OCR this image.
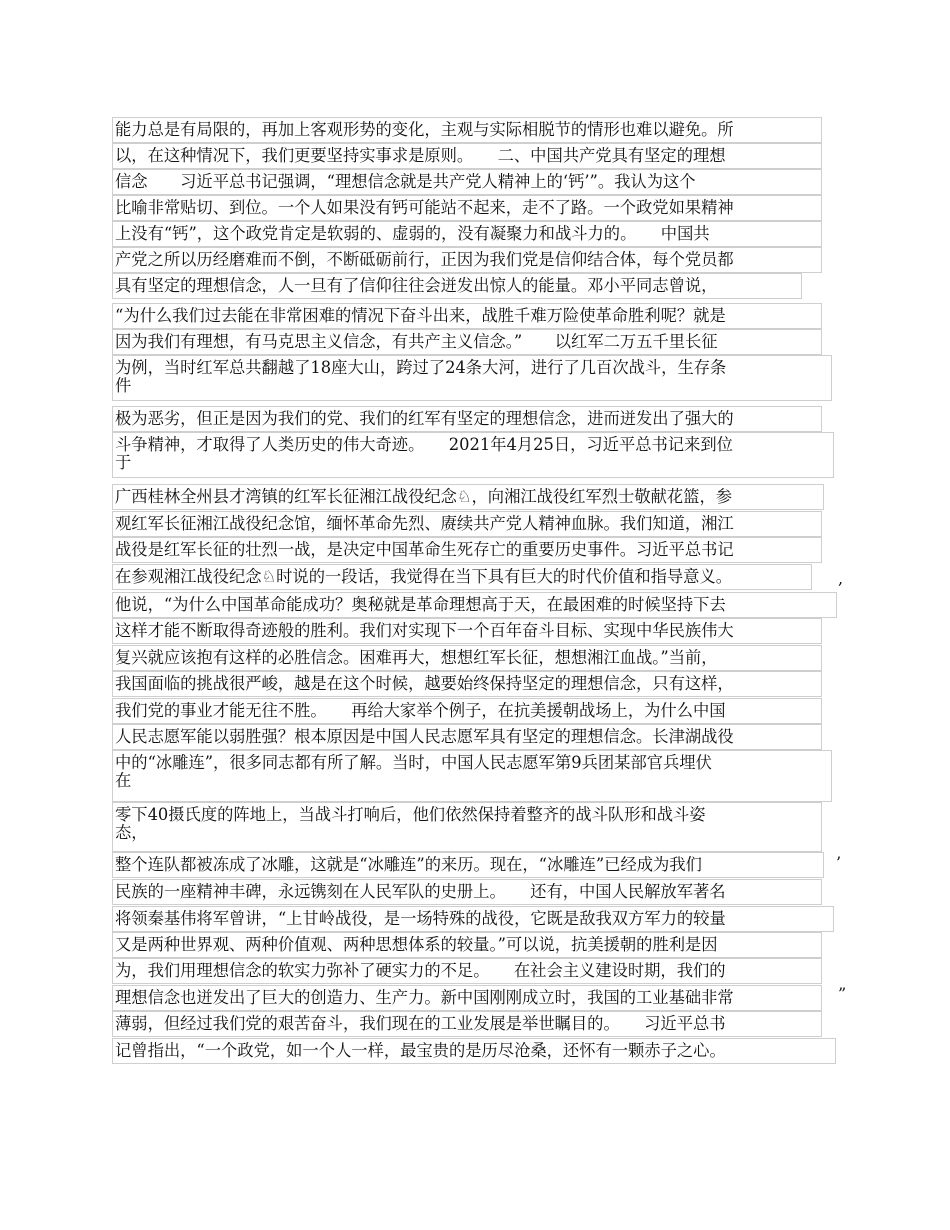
能力总是有局限的，再加上客观形势的变化，主观与实际相脱节的情形也难以避免。所
以，在这种情况下，我们更要坚持实事求是原则。　　二、中国共产党具有坚定的理想
信念　　习近平总书记强调，“理想信念就是共产党人精神上的‘钙’”。我认为这个
比喻非常贴切、到位。一个人如果没有钙可能站不起来，走不了路。一个政党如果精神
上没有“钙”，这个政党肯定是软弱的、虚弱的，没有凝聚力和战斗力的。　　中国共
产党之所以历经磨难而不倒，不断砥砺前行，正因为我们党是信仰结合体，每个党员都
具有坚定的理想信念，人一旦有了信仰往往会迸发出惊人的能量。邓小平同志曾说，
“为什么我们过去能在非常困难的情况下奋斗出来，战胜千难万险使革命胜利呢？就是
因为我们有理想，有马克思主义信念，有共产主义信念。”　　以红军二万五千里长征
为例，当时红军总共翻越了18座大山，跨过了24条大河，进行了几百次战斗，生存条
件
极为恶劣，但正是因为我们的党、我们的红军有坚定的理想信念，进而迸发出了强大的
斗争精神，才取得了人类历史的伟大奇迹。　　2021年4月25日，习近平总书记来到位
于
广西桂林全州县才湾镇的红军长征湘江战役纪念♘，向湘江战役红军烈士敬献花篮，参
观红军长征湘江战役纪念馆，缅怀革命先烈、赓续共产党人精神血脉。我们知道，湘江
战役是红军长征的壮烈一战，是决定中国革命生死存亡的重要历史事件。习近平总书记
在参观湘江战役纪念♘时说的一段话，我觉得在当下具有巨大的时代价值和指导意义。
他说，“为什么中国革命能成功？奥秘就是革命理想高于天，在最困难的时候坚持下去
这样才能不断取得奇迹般的胜利。我们对实现下一个百年奋斗目标、实现中华民族伟大
复兴就应该抱有这样的必胜信念。困难再大，想想红军长征，想想湘江血战。”当前，
我国面临的挑战很严峻，越是在这个时候，越要始终保持坚定的理想信念，只有这样，
我们党的事业才能无往不胜。　　再给大家举个例子，在抗美援朝战场上，为什么中国
人民志愿军能以弱胜强？根本原因是中国人民志愿军具有坚定的理想信念。长津湖战役
中的“冰雕连”，很多同志都有所了解。当时，中国人民志愿军第9兵团某部官兵埋伏
在
零下40摄氏度的阵地上，当战斗打响后，他们依然保持着整齐的战斗队形和战斗姿
态，
整个连队都被冻成了冰雕，这就是“冰雕连”的来历。现在，“冰雕连”已经成为我们
民族的一座精神丰碑，永远镌刻在人民军队的史册上。　　还有，中国人民解放军著名
将领秦基伟将军曾讲，“上甘岭战役，是一场特殊的战役，它既是敌我双方军力的较量
又是两种世界观、两种价值观、两种思想体系的较量。”可以说，抗美援朝的胜利是因
为，我们用理想信念的软实力弥补了硬实力的不足。　　在社会主义建设时期，我们的
理想信念也迸发出了巨大的创造力、生产力。新中国刚刚成立时，我国的工业基础非常
薄弱，但经过我们党的艰苦奋斗，我们现在的工业发展是举世瞩目的。　　习近平总书
记曾指出，“一个政党，如一个人一样，最宝贵的是历尽沧桑，还怀有一颗赤子之心。
,
’
”
